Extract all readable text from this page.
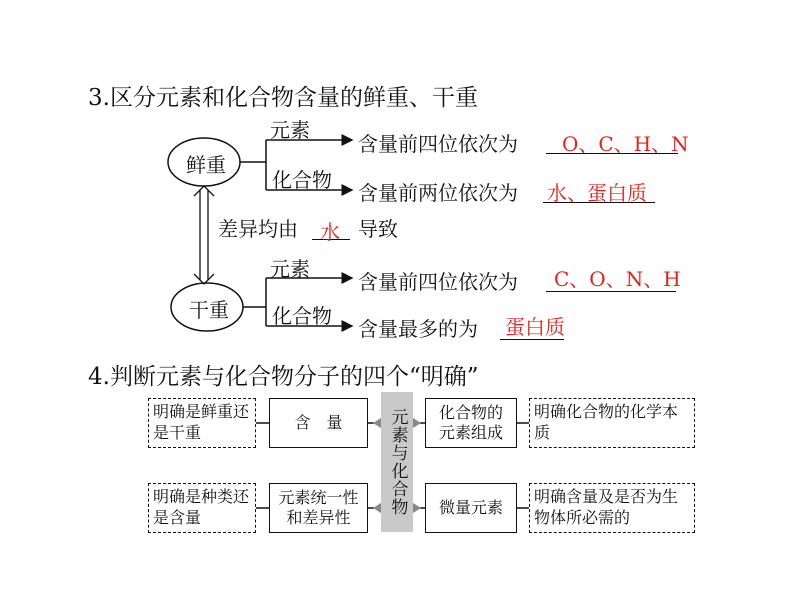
3.区分元素和化合物含量的鲜重、干重
鲜重
干重
元素
化合物
元素
化合物
含量前四位依次为 O、C、H、N
含量前两位依次为 水、蛋白质
差异均由 水 导致
含量前四位依次为 C、O、N、H
含量最多的为 蛋白质
4.判断元素与化合物分子的四个“明确”
元素与化合物
明确是鲜重还是干重
含　量
化合物的元素组成
明确化合物的化学本质
明确是种类还是含量
元素统一性和差异性
微量元素
明确含量及是否为生物体所必需的
